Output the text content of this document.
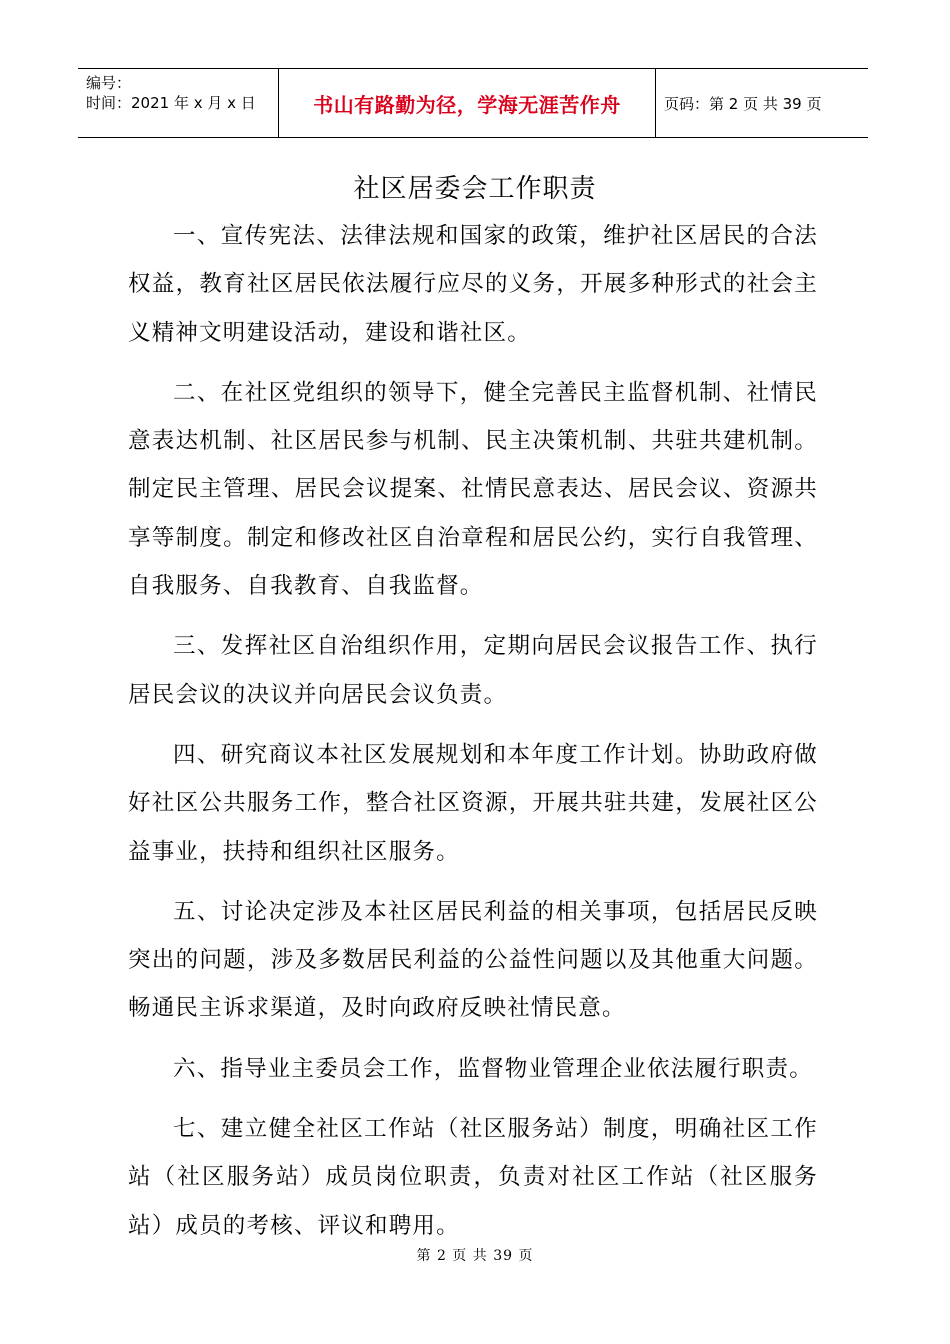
编号：
时间：2021 年 x 月 x 日	书山有路勤为径，学海无涯苦作舟	页码：第 2 页 共 39 页
社区居委会工作职责

一、宣传宪法、法律法规和国家的政策，维护社区居民的合法权益，教育社区居民依法履行应尽的义务，开展多种形式的社会主义精神文明建设活动，建设和谐社区。

二、在社区党组织的领导下，健全完善民主监督机制、社情民意表达机制、社区居民参与机制、民主决策机制、共驻共建机制。制定民主管理、居民会议提案、社情民意表达、居民会议、资源共享等制度。制定和修改社区自治章程和居民公约，实行自我管理、自我服务、自我教育、自我监督。

三、发挥社区自治组织作用，定期向居民会议报告工作、执行居民会议的决议并向居民会议负责。

四、研究商议本社区发展规划和本年度工作计划。协助政府做好社区公共服务工作，整合社区资源，开展共驻共建，发展社区公益事业，扶持和组织社区服务。

五、讨论决定涉及本社区居民利益的相关事项，包括居民反映突出的问题，涉及多数居民利益的公益性问题以及其他重大问题。畅通民主诉求渠道，及时向政府反映社情民意。

六、指导业主委员会工作，监督物业管理企业依法履行职责。

七、建立健全社区工作站（社区服务站）制度，明确社区工作站（社区服务站）成员岗位职责，负责对社区工作站（社区服务站）成员的考核、评议和聘用。

第 2 页 共 39 页
